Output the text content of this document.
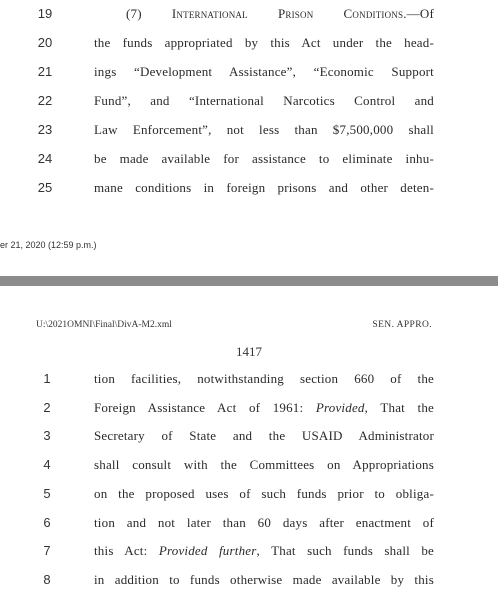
19	(7) International Prison Conditions.—Of
20	the funds appropriated by this Act under the head-
21	ings “Development Assistance”, “Economic Support
22	Fund”, and “International Narcotics Control and
23	Law Enforcement”, not less than $7,500,000 shall
24	be made available for assistance to eliminate inhu-
25	mane conditions in foreign prisons and other deten-
er 21, 2020 (12:59 p.m.)
U:\2021OMNI\Final\DivA-M2.xml	SEN. APPRO.
1417
1	tion facilities, notwithstanding section 660 of the
2	Foreign Assistance Act of 1961: Provided, That the
3	Secretary of State and the USAID Administrator
4	shall consult with the Committees on Appropriations
5	on the proposed uses of such funds prior to obliga-
6	tion and not later than 60 days after enactment of
7	this Act: Provided further, That such funds shall be
8	in addition to funds otherwise made available by this
